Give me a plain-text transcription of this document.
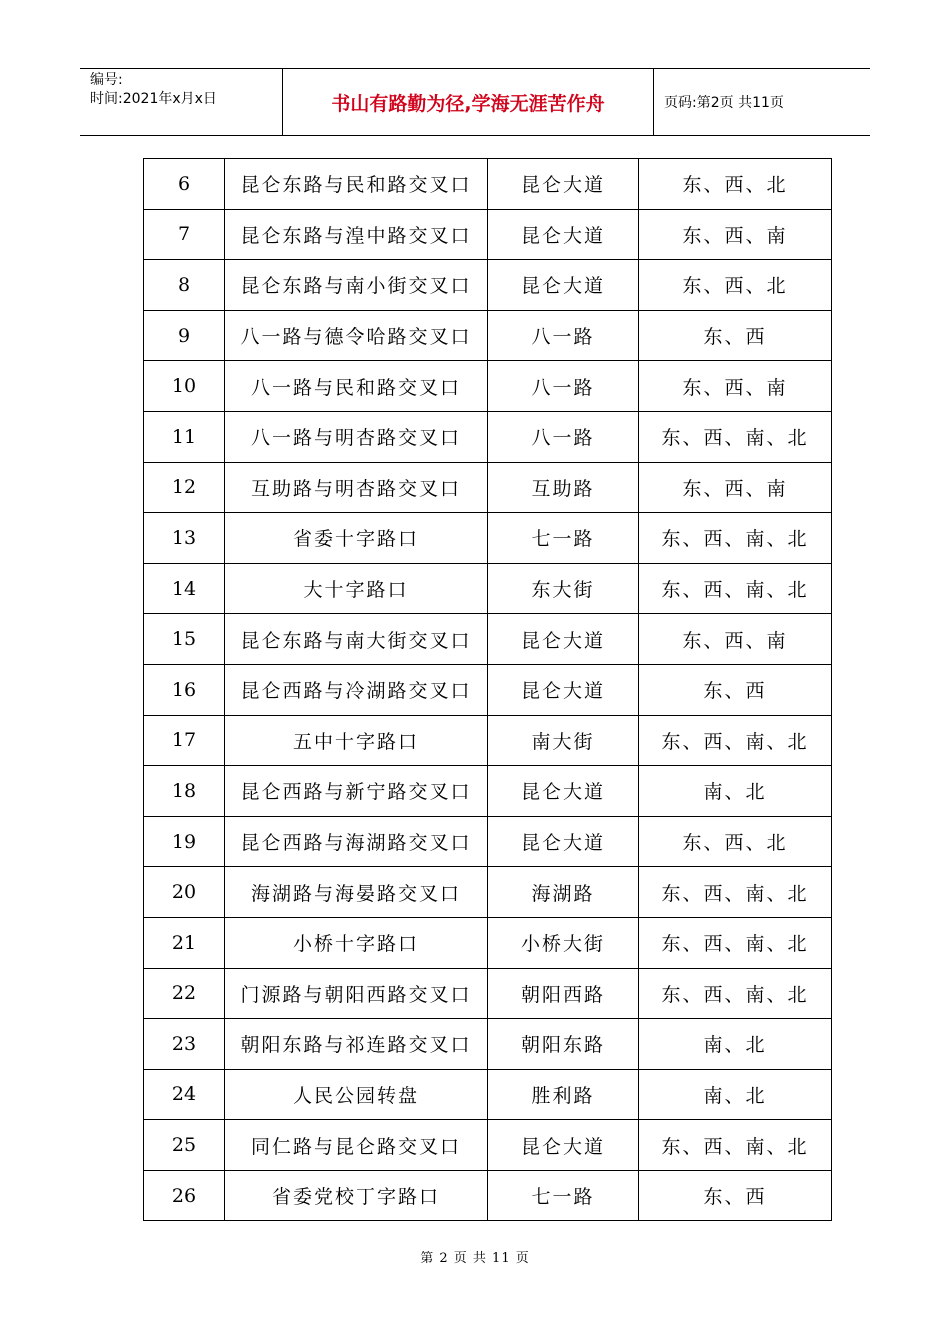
编号:
时间:2021年x月x日	书山有路勤为径,学海无涯苦作舟	页码:第2页 共11页
6	昆仑东路与民和路交叉口	昆仑大道	东、西、北
7	昆仑东路与湟中路交叉口	昆仑大道	东、西、南
8	昆仑东路与南小街交叉口	昆仑大道	东、西、北
9	八一路与德令哈路交叉口	八一路	东、西
10	八一路与民和路交叉口	八一路	东、西、南
11	八一路与明杏路交叉口	八一路	东、西、南、北
12	互助路与明杏路交叉口	互助路	东、西、南
13	省委十字路口	七一路	东、西、南、北
14	大十字路口	东大街	东、西、南、北
15	昆仑东路与南大街交叉口	昆仑大道	东、西、南
16	昆仑西路与冷湖路交叉口	昆仑大道	东、西
17	五中十字路口	南大街	东、西、南、北
18	昆仑西路与新宁路交叉口	昆仑大道	南、北
19	昆仑西路与海湖路交叉口	昆仑大道	东、西、北
20	海湖路与海晏路交叉口	海湖路	东、西、南、北
21	小桥十字路口	小桥大街	东、西、南、北
22	门源路与朝阳西路交叉口	朝阳西路	东、西、南、北
23	朝阳东路与祁连路交叉口	朝阳东路	南、北
24	人民公园转盘	胜利路	南、北
25	同仁路与昆仑路交叉口	昆仑大道	东、西、南、北
26	省委党校丁字路口	七一路	东、西
第 2 页 共 11 页
